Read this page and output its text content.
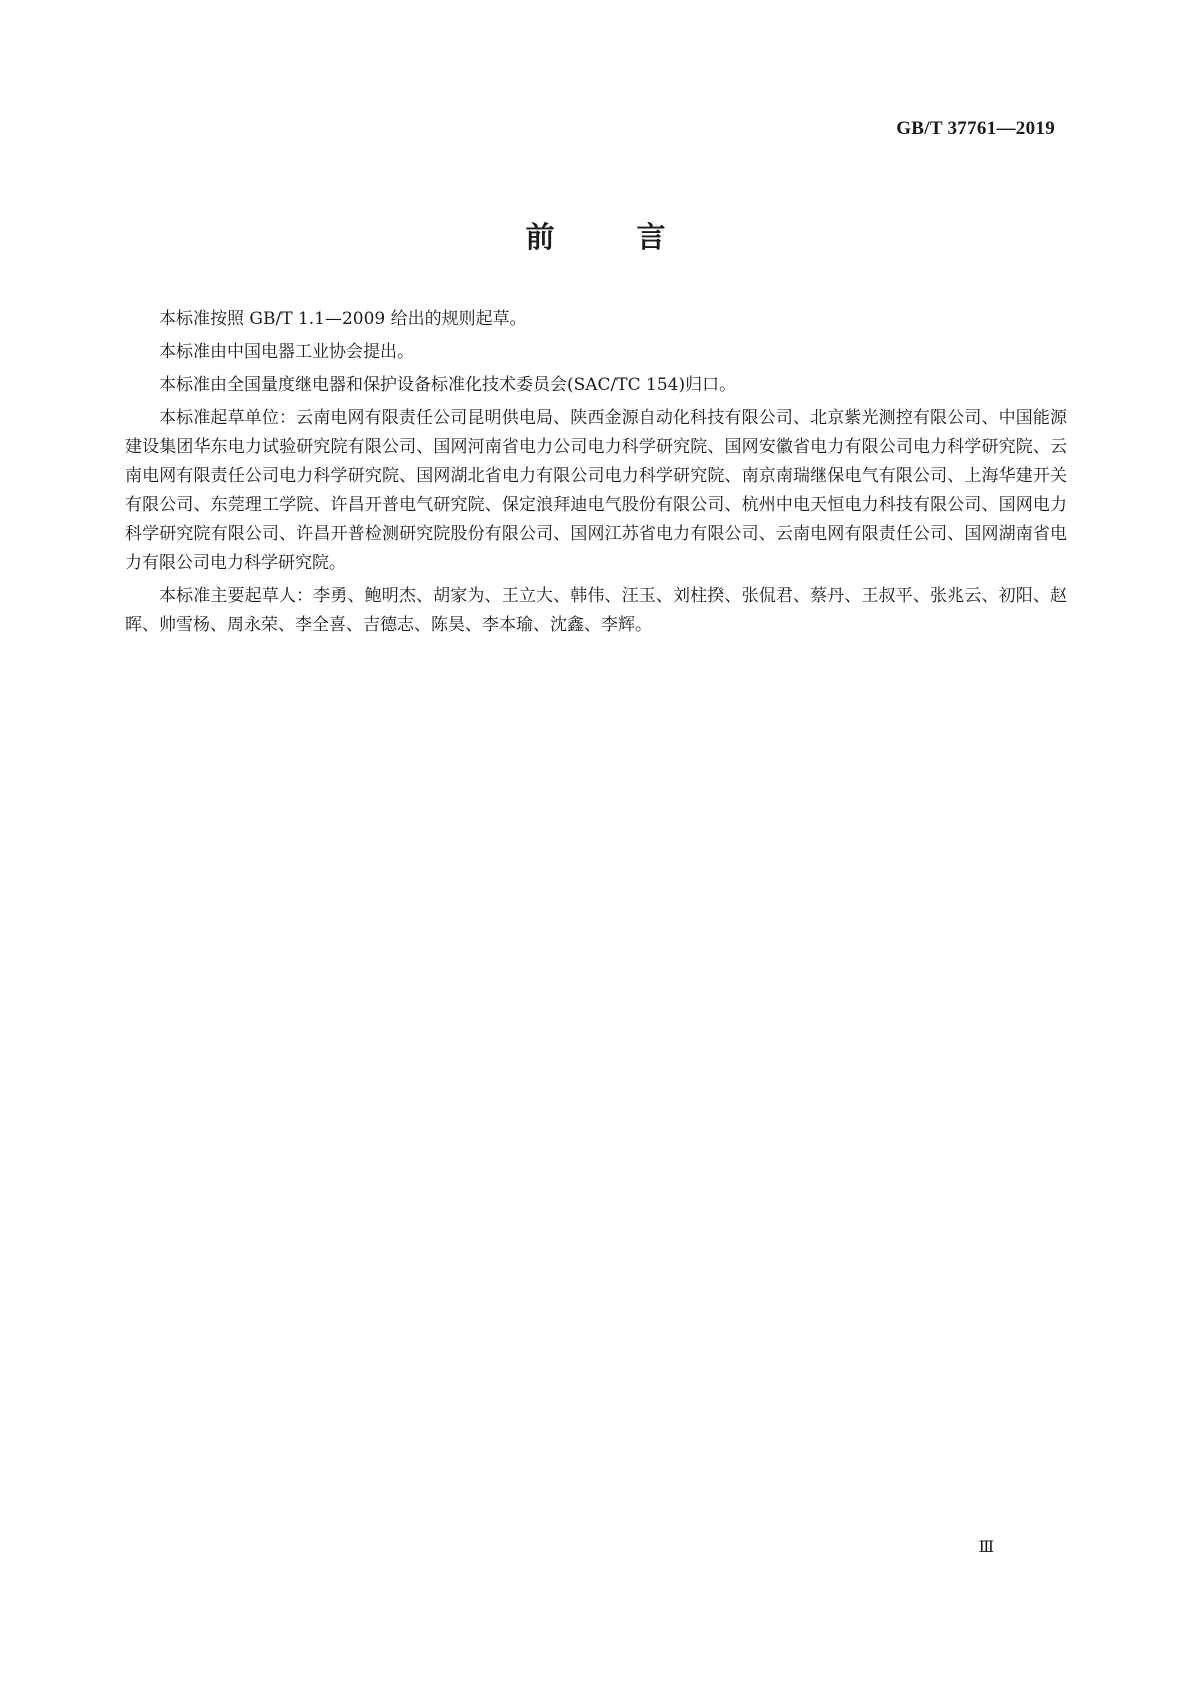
GB/T 37761—2019
前 言

本标准按照 GB/T 1.1—2009 给出的规则起草。

本标准由中国电器工业协会提出。

本标准由全国量度继电器和保护设备标准化技术委员会(SAC/TC 154)归口。

本标准起草单位：云南电网有限责任公司昆明供电局、陕西金源自动化科技有限公司、北京紫光测控有限公司、中国能源建设集团华东电力试验研究院有限公司、国网河南省电力公司电力科学研究院、国网安徽省电力有限公司电力科学研究院、云南电网有限责任公司电力科学研究院、国网湖北省电力有限公司电力科学研究院、南京南瑞继保电气有限公司、上海华建开关有限公司、东莞理工学院、许昌开普电气研究院、保定浪拜迪电气股份有限公司、杭州中电天恒电力科技有限公司、国网电力科学研究院有限公司、许昌开普检测研究院股份有限公司、国网江苏省电力有限公司、云南电网有限责任公司、国网湖南省电力有限公司电力科学研究院。

本标准主要起草人：李勇、鲍明杰、胡家为、王立大、韩伟、汪玉、刘柱揆、张侃君、蔡丹、王叔平、张兆云、初阳、赵晖、帅雪杨、周永荣、李全喜、吉德志、陈昊、李本瑜、沈鑫、李辉。

Ⅲ
